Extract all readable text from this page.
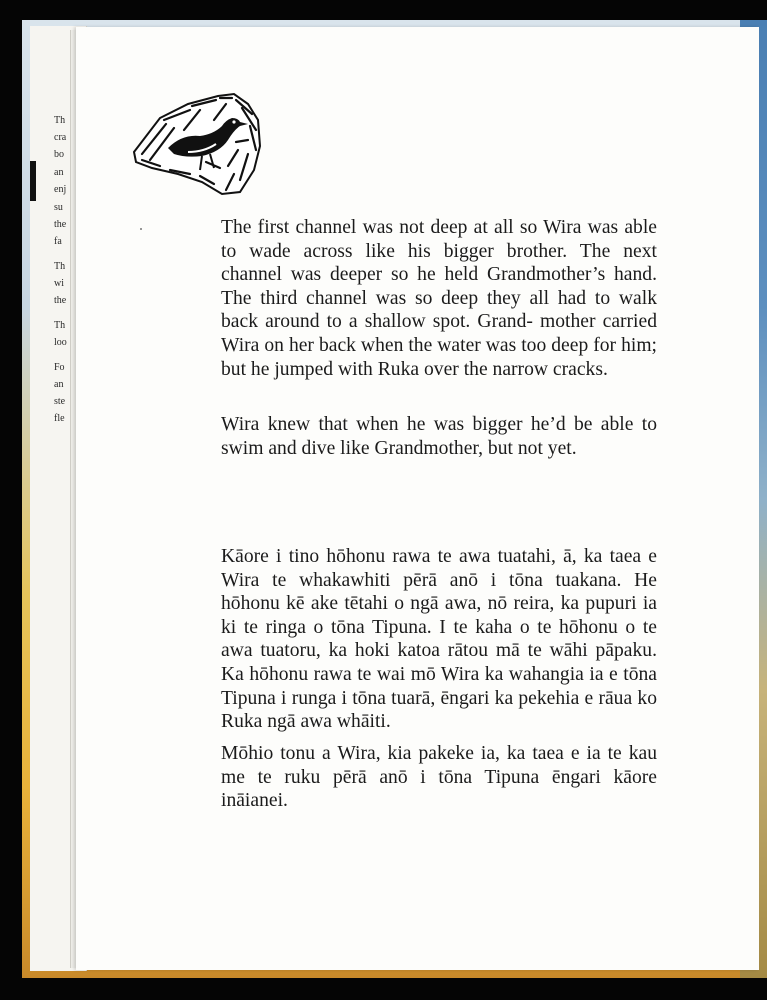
Th
cra
bo
an
enj
su
the
fa
Th
wi
the
Th
loo
Fo
an
ste
fle

The first channel was not deep at all so Wira was able to wade across like his bigger brother. The next channel was deeper so he held Grandmother’s hand. The third channel was so deep they all had to walk back around to a shallow spot. Grand- mother carried Wira on her back when the water was too deep for him; but he jumped with Ruka over the narrow cracks.

Wira knew that when he was bigger he’d be able to swim and dive like Grandmother, but not yet.

Kāore i tino hōhonu rawa te awa tuatahi, ā, ka taea e Wira te whakawhiti pērā anō i tōna tuakana. He hōhonu kē ake tētahi o ngā awa, nō reira, ka pupuri ia ki te ringa o tōna Tipuna. I te kaha o te hōhonu o te awa tuatoru, ka hoki katoa rātou mā te wāhi pāpaku. Ka hōhonu rawa te wai mō Wira ka wahangia ia e tōna Tipuna i runga i tōna tuarā, ēngari ka pekehia e rāua ko Ruka ngā awa whāiti.

Mōhio tonu a Wira, kia pakeke ia, ka taea e ia te kau me te ruku pērā anō i tōna Tipuna ēngari kāore ināianei.
